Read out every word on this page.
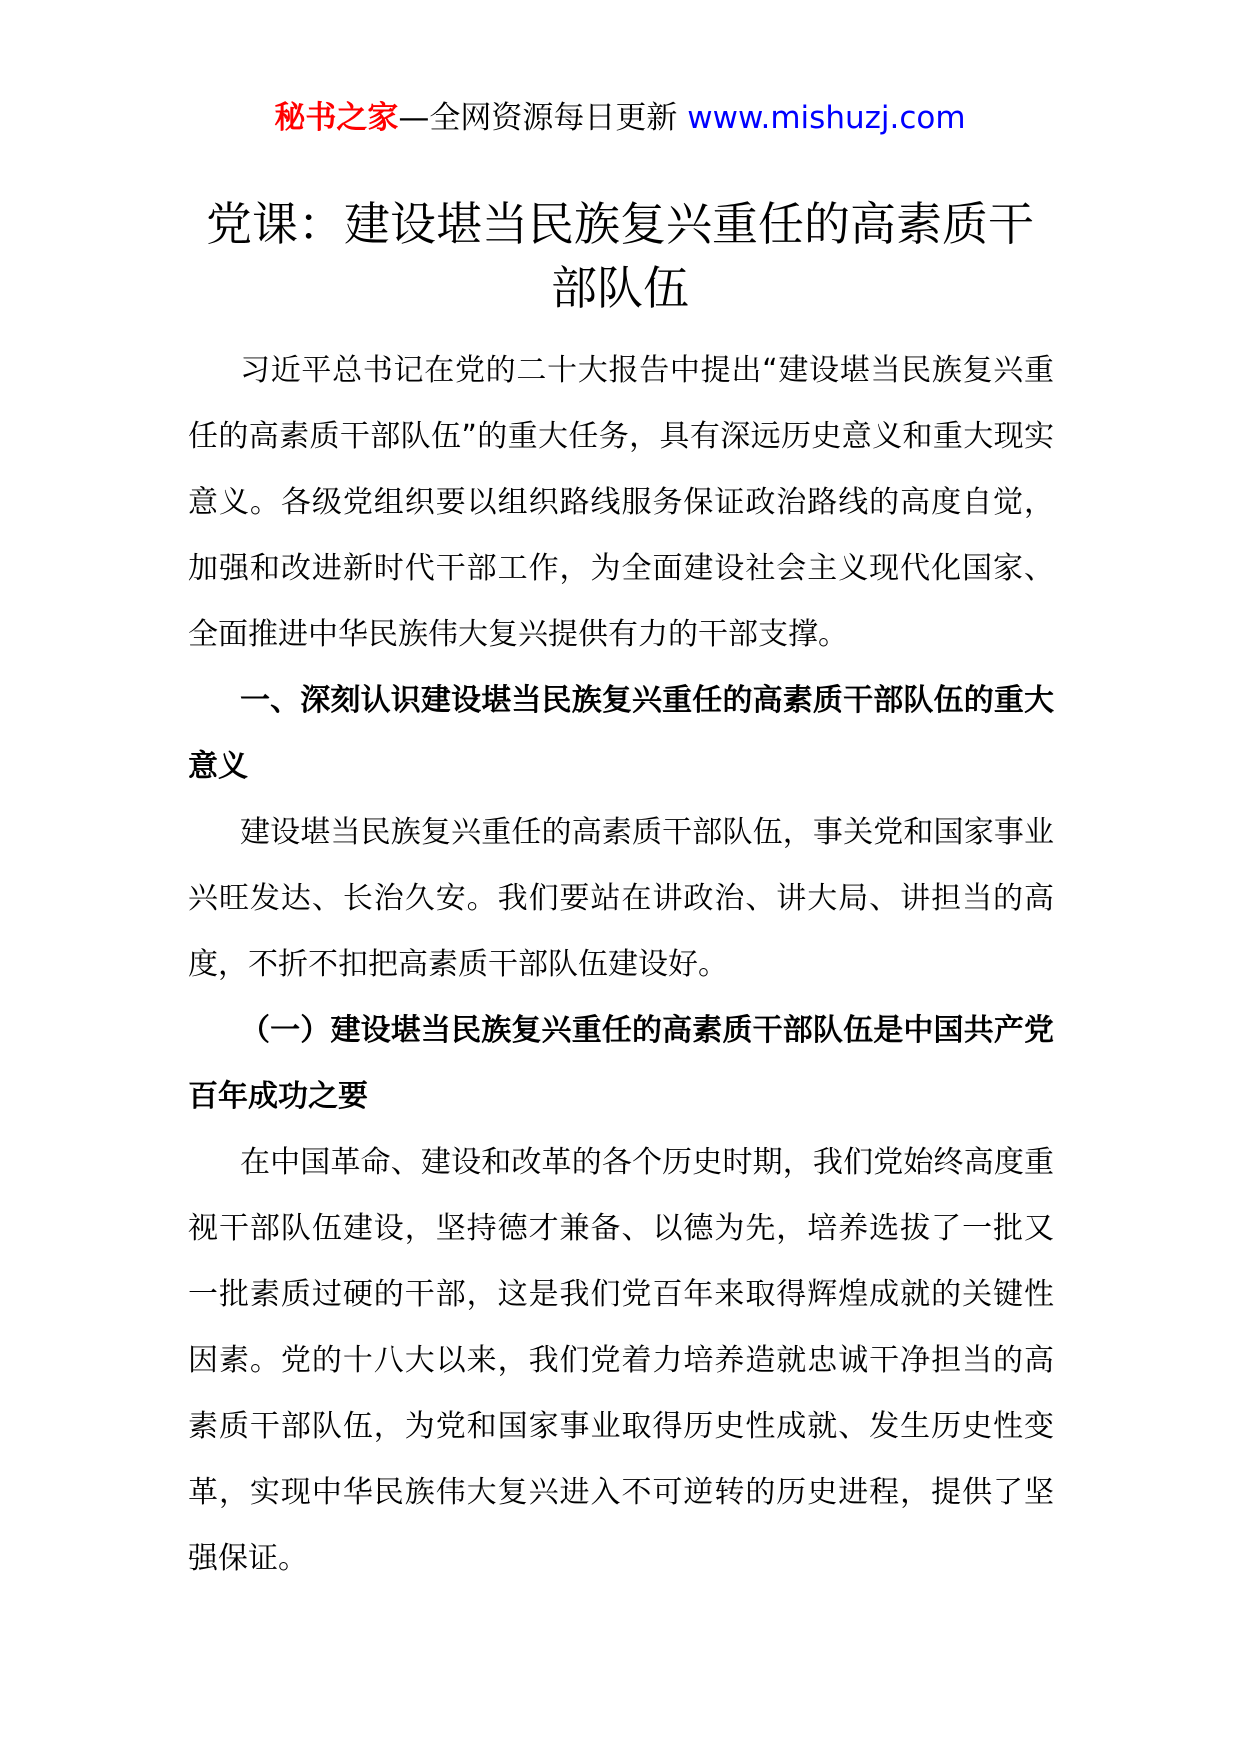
秘书之家—全网资源每日更新 www.mishuzj.com
党课：建设堪当民族复兴重任的高素质干部队伍

习近平总书记在党的二十大报告中提出“建设堪当民族复兴重任的高素质干部队伍”的重大任务，具有深远历史意义和重大现实意义。各级党组织要以组织路线服务保证政治路线的高度自觉，加强和改进新时代干部工作，为全面建设社会主义现代化国家、全面推进中华民族伟大复兴提供有力的干部支撑。

一、深刻认识建设堪当民族复兴重任的高素质干部队伍的重大意义

建设堪当民族复兴重任的高素质干部队伍，事关党和国家事业兴旺发达、长治久安。我们要站在讲政治、讲大局、讲担当的高度，不折不扣把高素质干部队伍建设好。

（一）建设堪当民族复兴重任的高素质干部队伍是中国共产党百年成功之要

在中国革命、建设和改革的各个历史时期，我们党始终高度重视干部队伍建设，坚持德才兼备、以德为先，培养选拔了一批又一批素质过硬的干部，这是我们党百年来取得辉煌成就的关键性因素。党的十八大以来，我们党着力培养造就忠诚干净担当的高素质干部队伍，为党和国家事业取得历史性成就、发生历史性变革，实现中华民族伟大复兴进入不可逆转的历史进程，提供了坚强保证。
